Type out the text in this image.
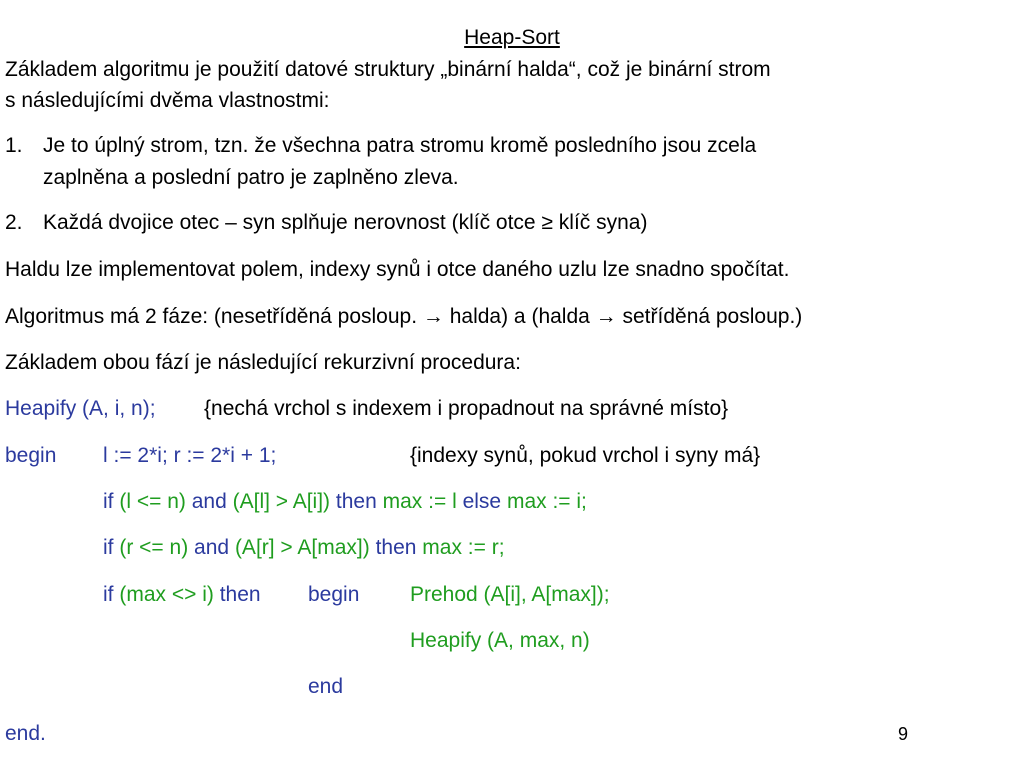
Heap-Sort
Základem algoritmu je použití datové struktury „binární halda“, což je binární strom
s následujícími dvěma vlastnostmi:
1. Je to úplný strom, tzn. že všechna patra stromu kromě posledního jsou zcela
zaplněna a poslední patro je zaplněno zleva.
2. Každá dvojice otec – syn splňuje nerovnost (klíč otce ≥ klíč syna)
Haldu lze implementovat polem, indexy synů i otce daného uzlu lze snadno spočítat.
Algoritmus má 2 fáze: (nesetříděná posloup. → halda) a (halda → setříděná posloup.)
Základem obou fází je následující rekurzivní procedura:
Heapify (A, i, n); {nechá vrchol s indexem i propadnout na správné místo}
begin l := 2*i; r := 2*i + 1;	{indexy synů, pokud vrchol i syny má}
if (l <= n) and (A[l] > A[i]) then max := l else max := i;
if (r <= n) and (A[r] > A[max]) then max := r;
if (max <> i) then begin Prehod (A[i], A[max]);
Heapify (A, max, n)
end
end.	9
